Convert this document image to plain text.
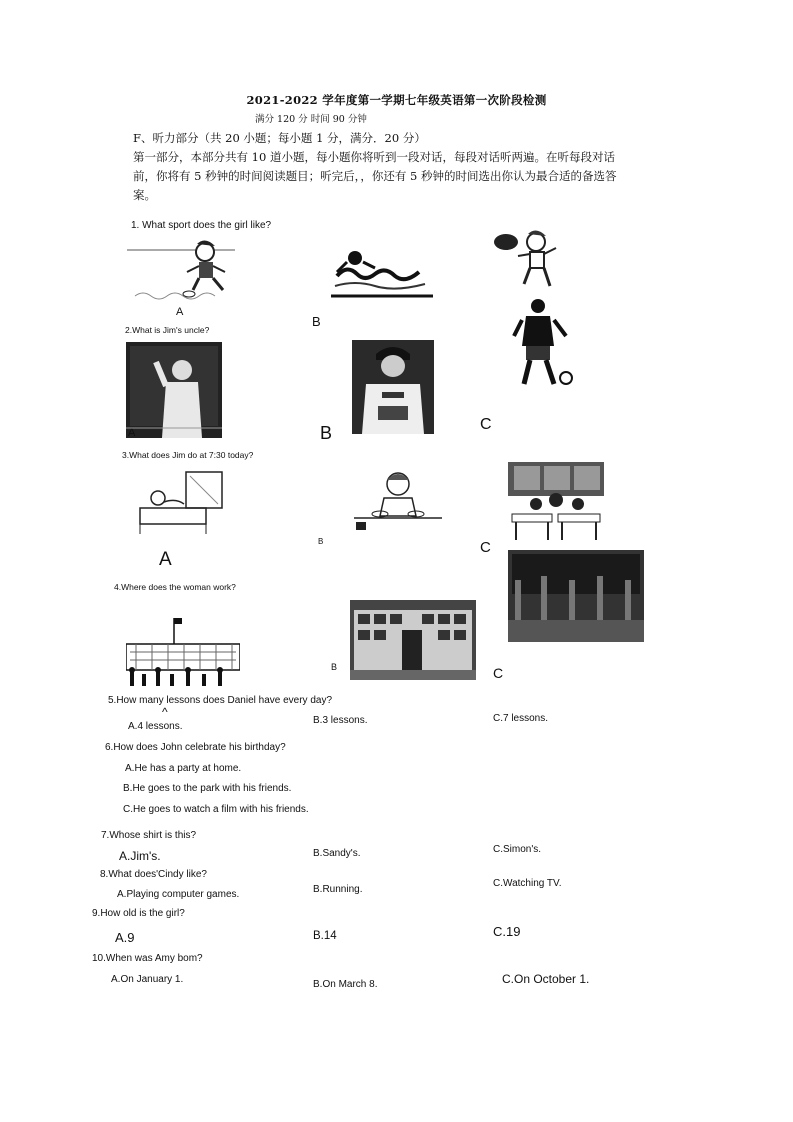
2021-2022 学年度第一学期七年级英语第一次阶段检测
满分 120 分 时间 90 分钟
F、听力部分（共 20 小题；每小题 1 分，满分．20 分）
第一部分，本部分共有 10 道小题，每小题你将听到一段对话，每段对话听两遍。在听每段对话
前，你将有 5 秒钟的时间阅读题目；听完后，，你还有 5 秒钟的时间选出你认为最合适的备选答
案。
1. What sport does the girl like?
A
B
2.What is Jim's uncle?
A	B	C
3.What does Jim do at 7:30 today?
A
B	C
4.Where does the woman work?
B	C
5.How many lessons does Daniel have every day?
^
A.4 lessons.
B.3 lessons.	C.7 lessons.
6.How does John celebrate his birthday?
A.He has a party at home.
B.He goes to the park with his friends.
C.He goes to watch a film with his friends.
7.Whose shirt is this?
A.Jim's.	B.Sandy's.	C.Simon's.
8.What does'Cindy like?
A.Playing computer games.	B.Running.
C.Watching TV.
9.How old is the girl?
A.9	B.14	C.19
10.When was Amy bom?
A.On January 1.	B.On March 8.	C.On October 1.
